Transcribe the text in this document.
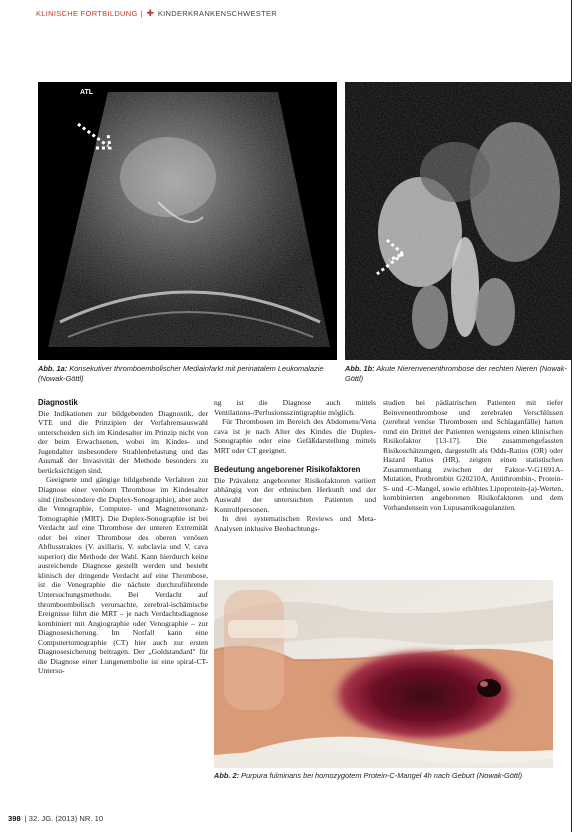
KLINISCHE FORTBILDUNG | ✚ KINDERKRANKENSCHWESTER
ATL
Abb. 1a: Konsekutiver thromboembolischer Mediainfarkt mit perinatalem Leukomalazie (Nowak-Göttl)
Abb. 1b: Akute Nierenvenenthrombose der rechten Nieren (Nowak-Göttl)
Diagnostik

Die Indikationen zur bildgebenden Diagnostik, der VTE und die Prinzipien der Verfahrensauswahl unterscheiden sich im Kindesalter im Prinzip nicht von der beim Erwachsenen, wobei im Kindes- und Jugendalter insbesondere Strahlenbelastung und das Ausmaß der Invasivität der Methode besonders zu berücksichtigen sind.

Geeignete und gängige bildgebende Verfahren zur Diagnose einer venösen Thrombose im Kindesalter sind (insbesondere die Duplex-Sonographie), aber auch die Venographie, Computer- und Magnetresonanz-Tomographie (MRT). Die Duplex-Sonographie ist bei Verdacht auf eine Thrombose der unteren Extremität oder bei einer Thrombose des oberen venösen Abflusstraktes (V. axillaris, V. subclavia und V. cava superior) die Methode der Wahl. Kann hierdurch keine ausreichende Diagnose gestellt werden und besteht klinisch der dringende Verdacht auf eine Thrombose, ist die Venographie die nächste durchzuführende Untersuchungsmethode. Bei Verdacht auf thromboembolisch verursachte, zerebral-ischämische Ereignisse führt die MRT – je nach Verdachtsdiagnose kombiniert mit Angiographie oder Venographie – zur Diagnosesicherung. Im Notfall kann eine Computertomographie (CT) hier auch zur ersten Diagnosesicherung beitragen. Der „Goldstandard" für die Diagnose einer Lungenembolie ist eine spiral-CT-Untersu-

ng ist die Diagnose auch mittels Ventilations-/Perfusionsszintigraphie möglich.

Für Thrombosen im Bereich des Abdomens/Vena cava ist je nach Alter des Kindes die Duplex-Sonographie oder eine Gefäßdarstellung mittels MRT oder CT geeignet.

Bedeutung angeborener Risikofaktoren

Die Prävalenz angeborener Risikofaktoren variiert abhängig von der ethnischen Herkunft und der Auswahl der untersuchten Patienten und Kontrollpersonen.

In drei systematischen Reviews und Meta-Analysen inklusive Beobachtungs-

studien bei pädiatrischen Patienten mit tiefer Beinvenenthrombose und zerebralen Verschlüssen (zerebral venöse Thrombosen und Schlaganfälle) hatten rund ein Drittel der Patienten wenigstens einen klinischen Risikofaktor [13-17]. Die zusammengefassten Risikoschätzungen, dargestellt als Odds-Ratios (OR) oder Hazard Ratios (HR), zeigten einen statistischen Zusammenhang zwischen der Faktor-V-G1691A-Mutation, Prothrombin G20210A, Antithrombin-, Protein-S- und -C-Mangel, sowie erhöhtes Lipoprotein-(a)-Werten, kombinierten angeborenen Risikofaktoren und dem Vorhandensein von Lupusantikoagulanzien.

Abb. 2: Purpura fulminans bei homozygotem Protein-C-Mangel 4h nach Geburt (Nowak-Göttl)
398 | 32. JG. (2013) NR. 10
